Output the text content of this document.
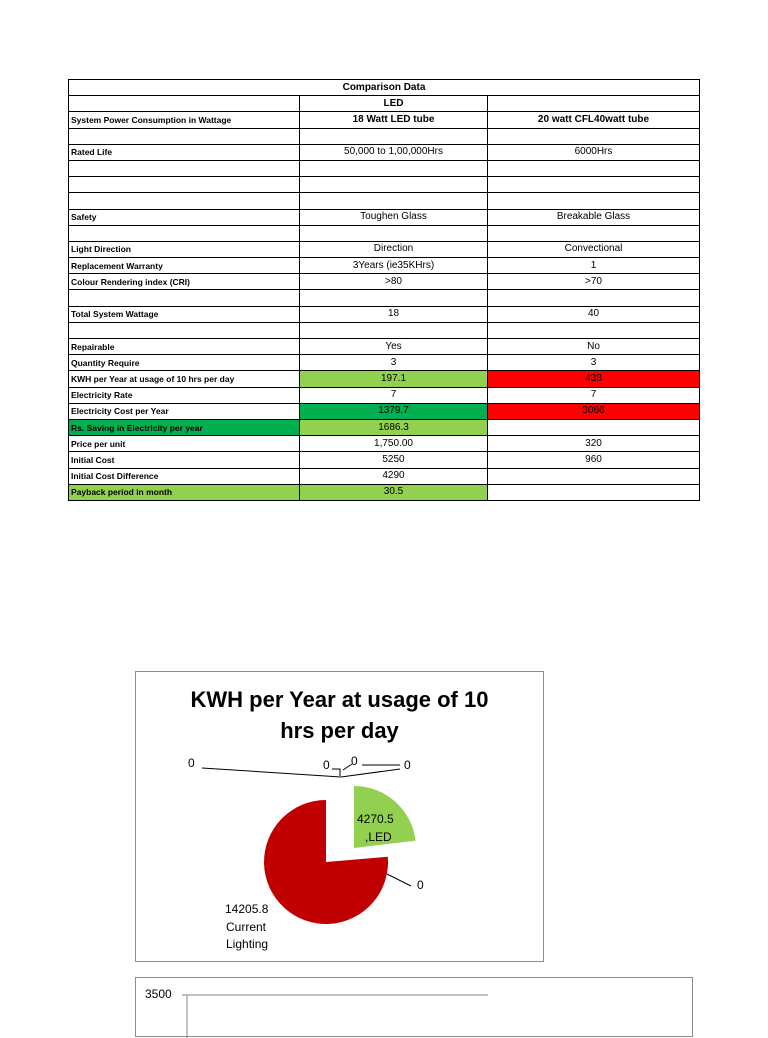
Comparison Data		
	LED	
System Power Consumption in Wattage	18 Watt LED tube	20 watt CFL40watt tube

Rated Life	50,000 to 1,00,000Hrs	6000Hrs

Safety	Toughen Glass	Breakable Glass

Light Direction	Direction	Convectional
Replacement Warranty	3Years (ie35KHrs)	1
Colour Rendering index (CRI)	>80	>70

Total System Wattage	18	40

Repairable	Yes	No
Quantity Require	3	3
KWH per Year at usage of 10 hrs per day	197.1	438
Electricity Rate	7	7
Electricity Cost per Year	1379.7	3066
Rs. Saving in Electricity per year	1686.3	
Price per unit	1,750.00	320
Initial Cost	5250	960
Initial Cost Difference	4290	
Payback period in month	30.5	
KWH per Year at usage of 10
hrs per day
0	0 0	0
0
4270.5
,LED
14205.8
Current
Lighting
3500
